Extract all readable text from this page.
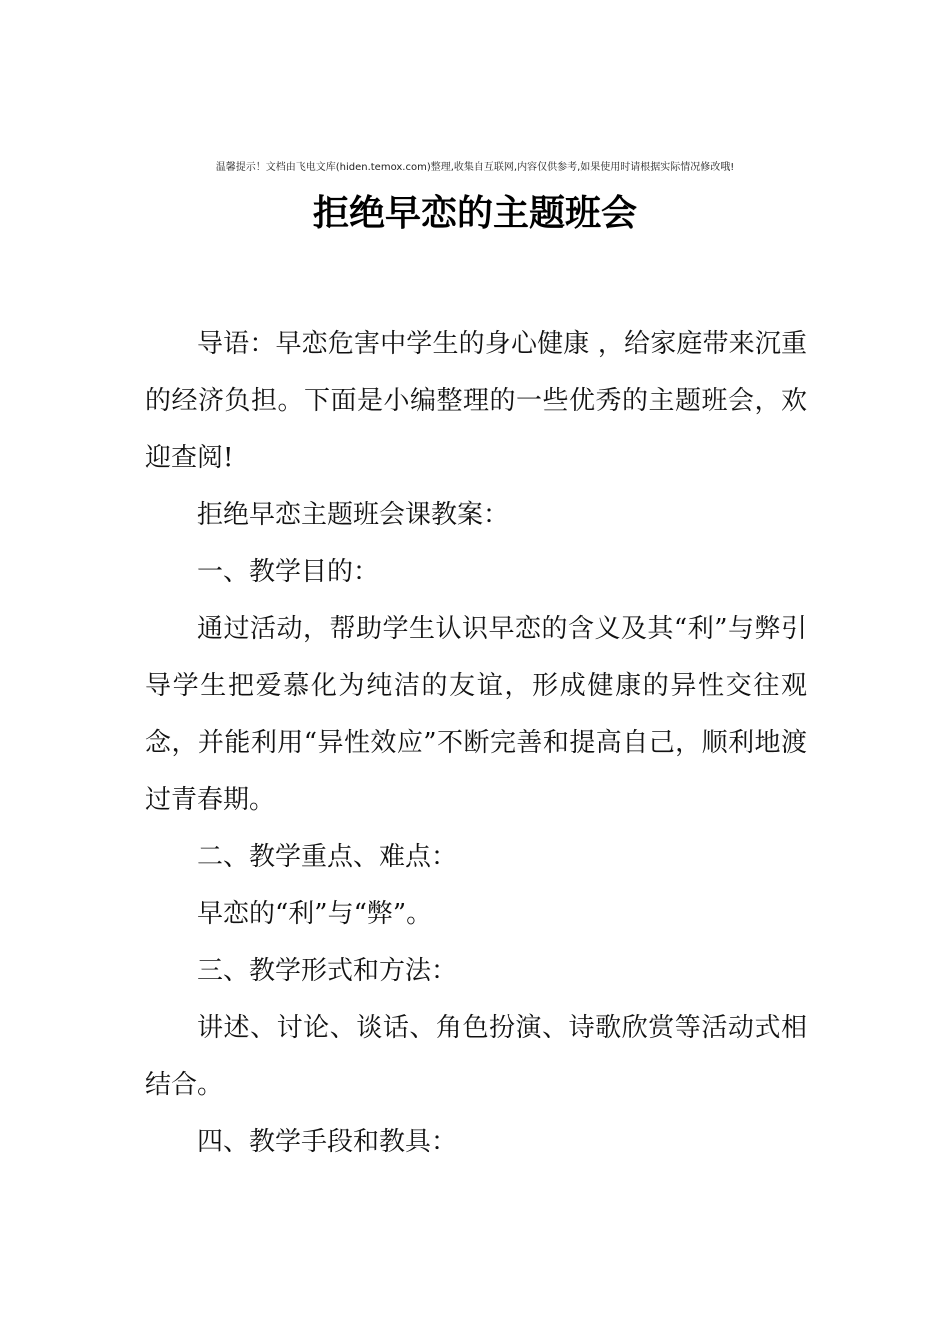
温馨提示！文档由飞电文库(hiden.temox.com)整理,收集自互联网,内容仅供参考,如果使用时请根据实际情况修改哦!
拒绝早恋的主题班会

导语：早恋危害中学生的身心健康 ，给家庭带来沉重的经济负担。下面是小编整理的一些优秀的主题班会，欢迎查阅!

拒绝早恋主题班会课教案：

一、教学目的：

通过活动，帮助学生认识早恋的含义及其“利”与弊引导学生把爱慕化为纯洁的友谊，形成健康的异性交往观念，并能利用“异性效应”不断完善和提高自己，顺利地渡过青春期。

二、教学重点、难点：

早恋的“利”与“弊”。

三、教学形式和方法：

讲述、讨论、谈话、角色扮演、诗歌欣赏等活动式相结合。

四、教学手段和教具：
